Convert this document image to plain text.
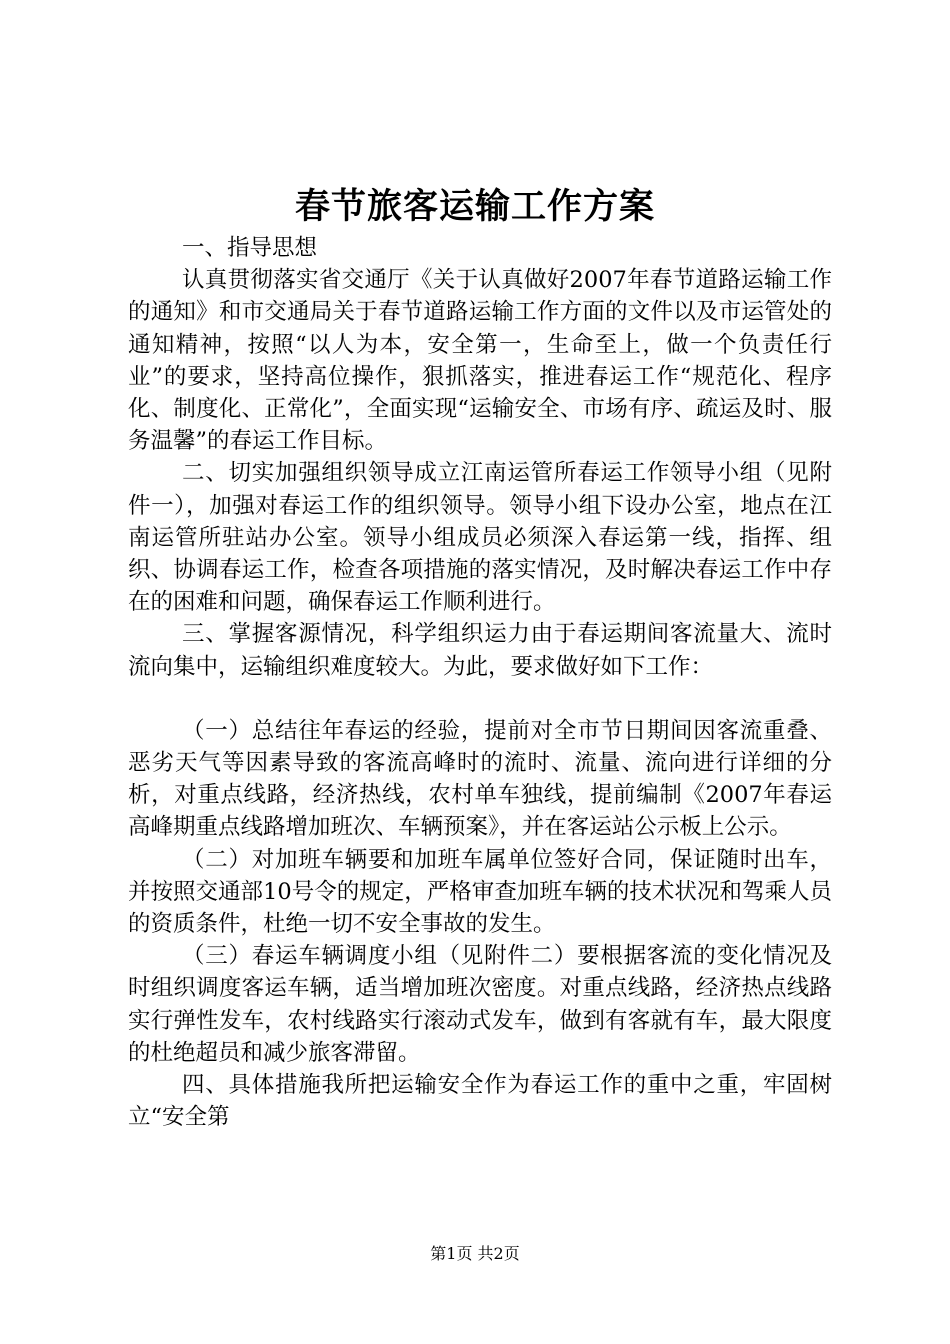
春节旅客运输工作方案

一、指导思想

认真贯彻落实省交通厅《关于认真做好2007年春节道路运输工作的通知》和市交通局关于春节道路运输工作方面的文件以及市运管处的通知精神，按照“以人为本，安全第一，生命至上，做一个负责任行业”的要求，坚持高位操作，狠抓落实，推进春运工作“规范化、程序化、制度化、正常化”，全面实现“运输安全、市场有序、疏运及时、服务温馨”的春运工作目标。

二、切实加强组织领导成立江南运管所春运工作领导小组（见附件一），加强对春运工作的组织领导。领导小组下设办公室，地点在江南运管所驻站办公室。领导小组成员必须深入春运第一线，指挥、组织、协调春运工作，检查各项措施的落实情况，及时解决春运工作中存在的困难和问题，确保春运工作顺利进行。

三、掌握客源情况，科学组织运力由于春运期间客流量大、流时流向集中，运输组织难度较大。为此，要求做好如下工作：

（一）总结往年春运的经验，提前对全市节日期间因客流重叠、恶劣天气等因素导致的客流高峰时的流时、流量、流向进行详细的分析，对重点线路，经济热线，农村单车独线，提前编制《2007年春运高峰期重点线路增加班次、车辆预案》，并在客运站公示板上公示。

（二）对加班车辆要和加班车属单位签好合同，保证随时出车，并按照交通部10号令的规定，严格审查加班车辆的技术状况和驾乘人员的资质条件，杜绝一切不安全事故的发生。

（三）春运车辆调度小组（见附件二）要根据客流的变化情况及时组织调度客运车辆，适当增加班次密度。对重点线路，经济热点线路实行弹性发车，农村线路实行滚动式发车，做到有客就有车，最大限度的杜绝超员和减少旅客滞留。

四、具体措施我所把运输安全作为春运工作的重中之重，牢固树立“安全第

第1页 共2页
